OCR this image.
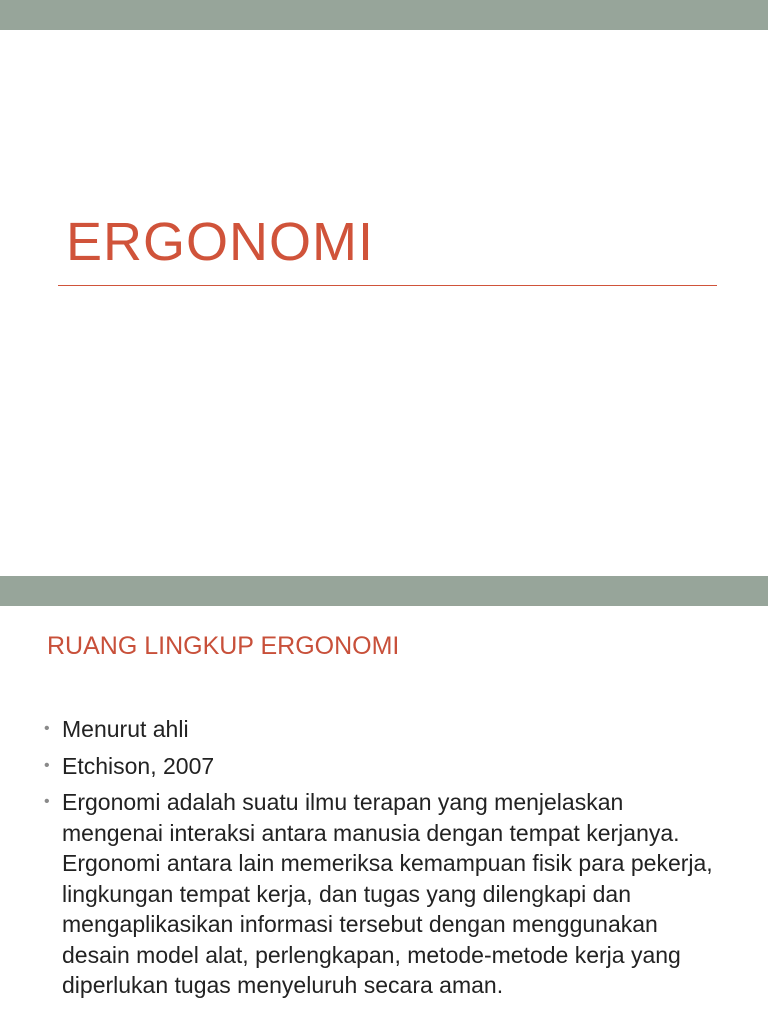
ERGONOMI
RUANG LINGKUP ERGONOMI
• Menurut ahli
• Etchison, 2007
• Ergonomi adalah suatu ilmu terapan yang menjelaskan mengenai interaksi antara manusia dengan tempat kerjanya. Ergonomi antara lain memeriksa kemampuan fisik para pekerja, lingkungan tempat kerja, dan tugas yang dilengkapi dan mengaplikasikan informasi tersebut dengan menggunakan desain model alat, perlengkapan, metode-metode kerja yang diperlukan tugas menyeluruh secara aman.
